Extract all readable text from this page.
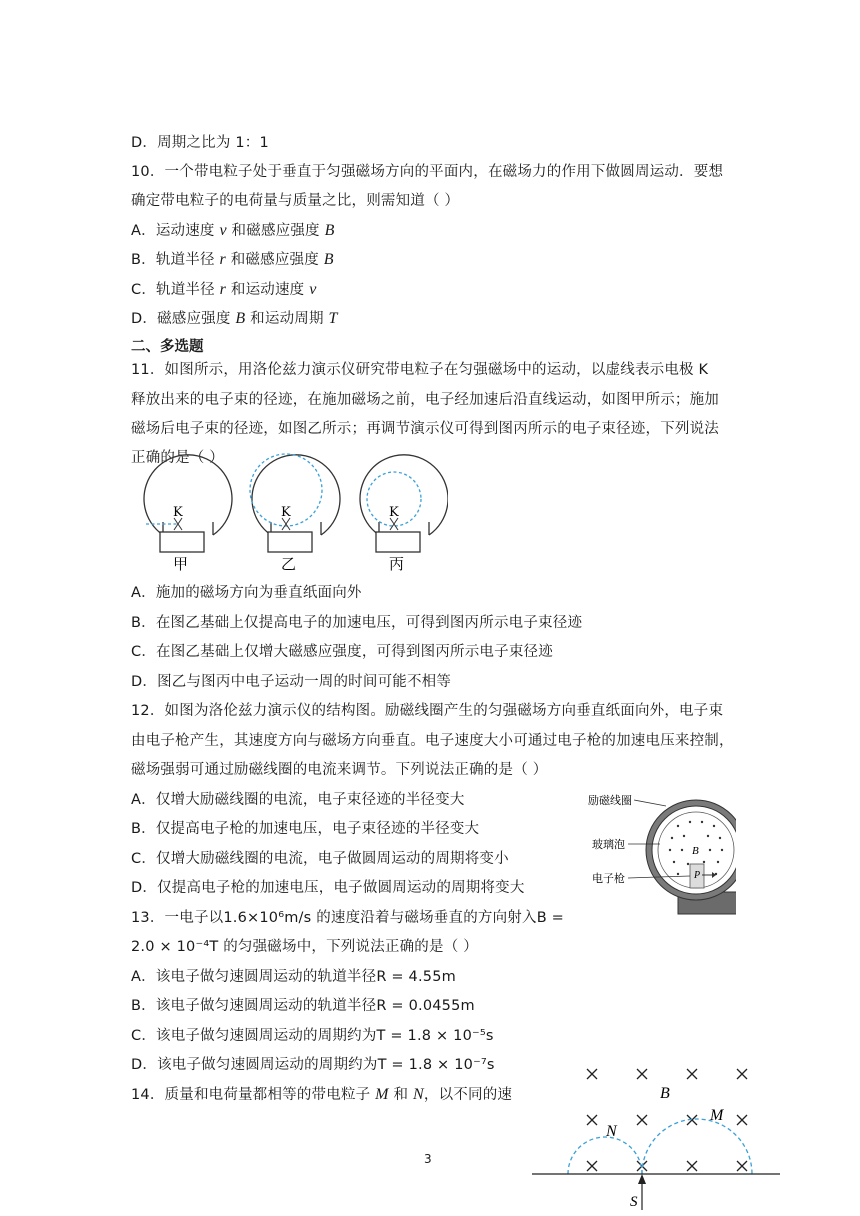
D．周期之比为 1：1
10．一个带电粒子处于垂直于匀强磁场方向的平面内，在磁场力的作用下做圆周运动．要想
确定带电粒子的电荷量与质量之比，则需知道（ ）
A．运动速度 v 和磁感应强度 B
B．轨道半径 r 和磁感应强度 B
C．轨道半径 r 和运动速度 v
D．磁感应强度 B 和运动周期 T
二、多选题
11．如图所示，用洛伦兹力演示仪研究带电粒子在匀强磁场中的运动，以虚线表示电极 K
释放出来的电子束的径迹，在施加磁场之前，电子经加速后沿直线运动，如图甲所示；施加
磁场后电子束的径迹，如图乙所示；再调节演示仪可得到图丙所示的电子束径迹，下列说法
正确的是（ ）
K
甲
K
乙
K
丙
A．施加的磁场方向为垂直纸面向外
B．在图乙基础上仅提高电子的加速电压，可得到图丙所示电子束径迹
C．在图乙基础上仅增大磁感应强度，可得到图丙所示电子束径迹
D．图乙与图丙中电子运动一周的时间可能不相等
12．如图为洛伦兹力演示仪的结构图。励磁线圈产生的匀强磁场方向垂直纸面向外，电子束
由电子枪产生，其速度方向与磁场方向垂直。电子速度大小可通过电子枪的加速电压来控制，
磁场强弱可通过励磁线圈的电流来调节。下列说法正确的是（ ）
A．仅增大励磁线圈的电流，电子束径迹的半径变大
B．仅提高电子枪的加速电压，电子束径迹的半径变大
C．仅增大励磁线圈的电流，电子做圆周运动的周期将变小
D．仅提高电子枪的加速电压，电子做圆周运动的周期将变大
B
P
励磁线圈
玻璃泡
电子枪
13．一电子以1.6×10⁶m/s 的速度沿着与磁场垂直的方向射入B =
2.0 × 10⁻⁴T 的匀强磁场中，下列说法正确的是（ ）
A．该电子做匀速圆周运动的轨道半径R = 4.55m
B．该电子做匀速圆周运动的轨道半径R = 0.0455m
C．该电子做匀速圆周运动的周期约为T = 1.8 × 10⁻⁵s
D．该电子做匀速圆周运动的周期约为T = 1.8 × 10⁻⁷s
14．质量和电荷量都相等的带电粒子 M 和 N，以不同的速	B
N
M
S
3
